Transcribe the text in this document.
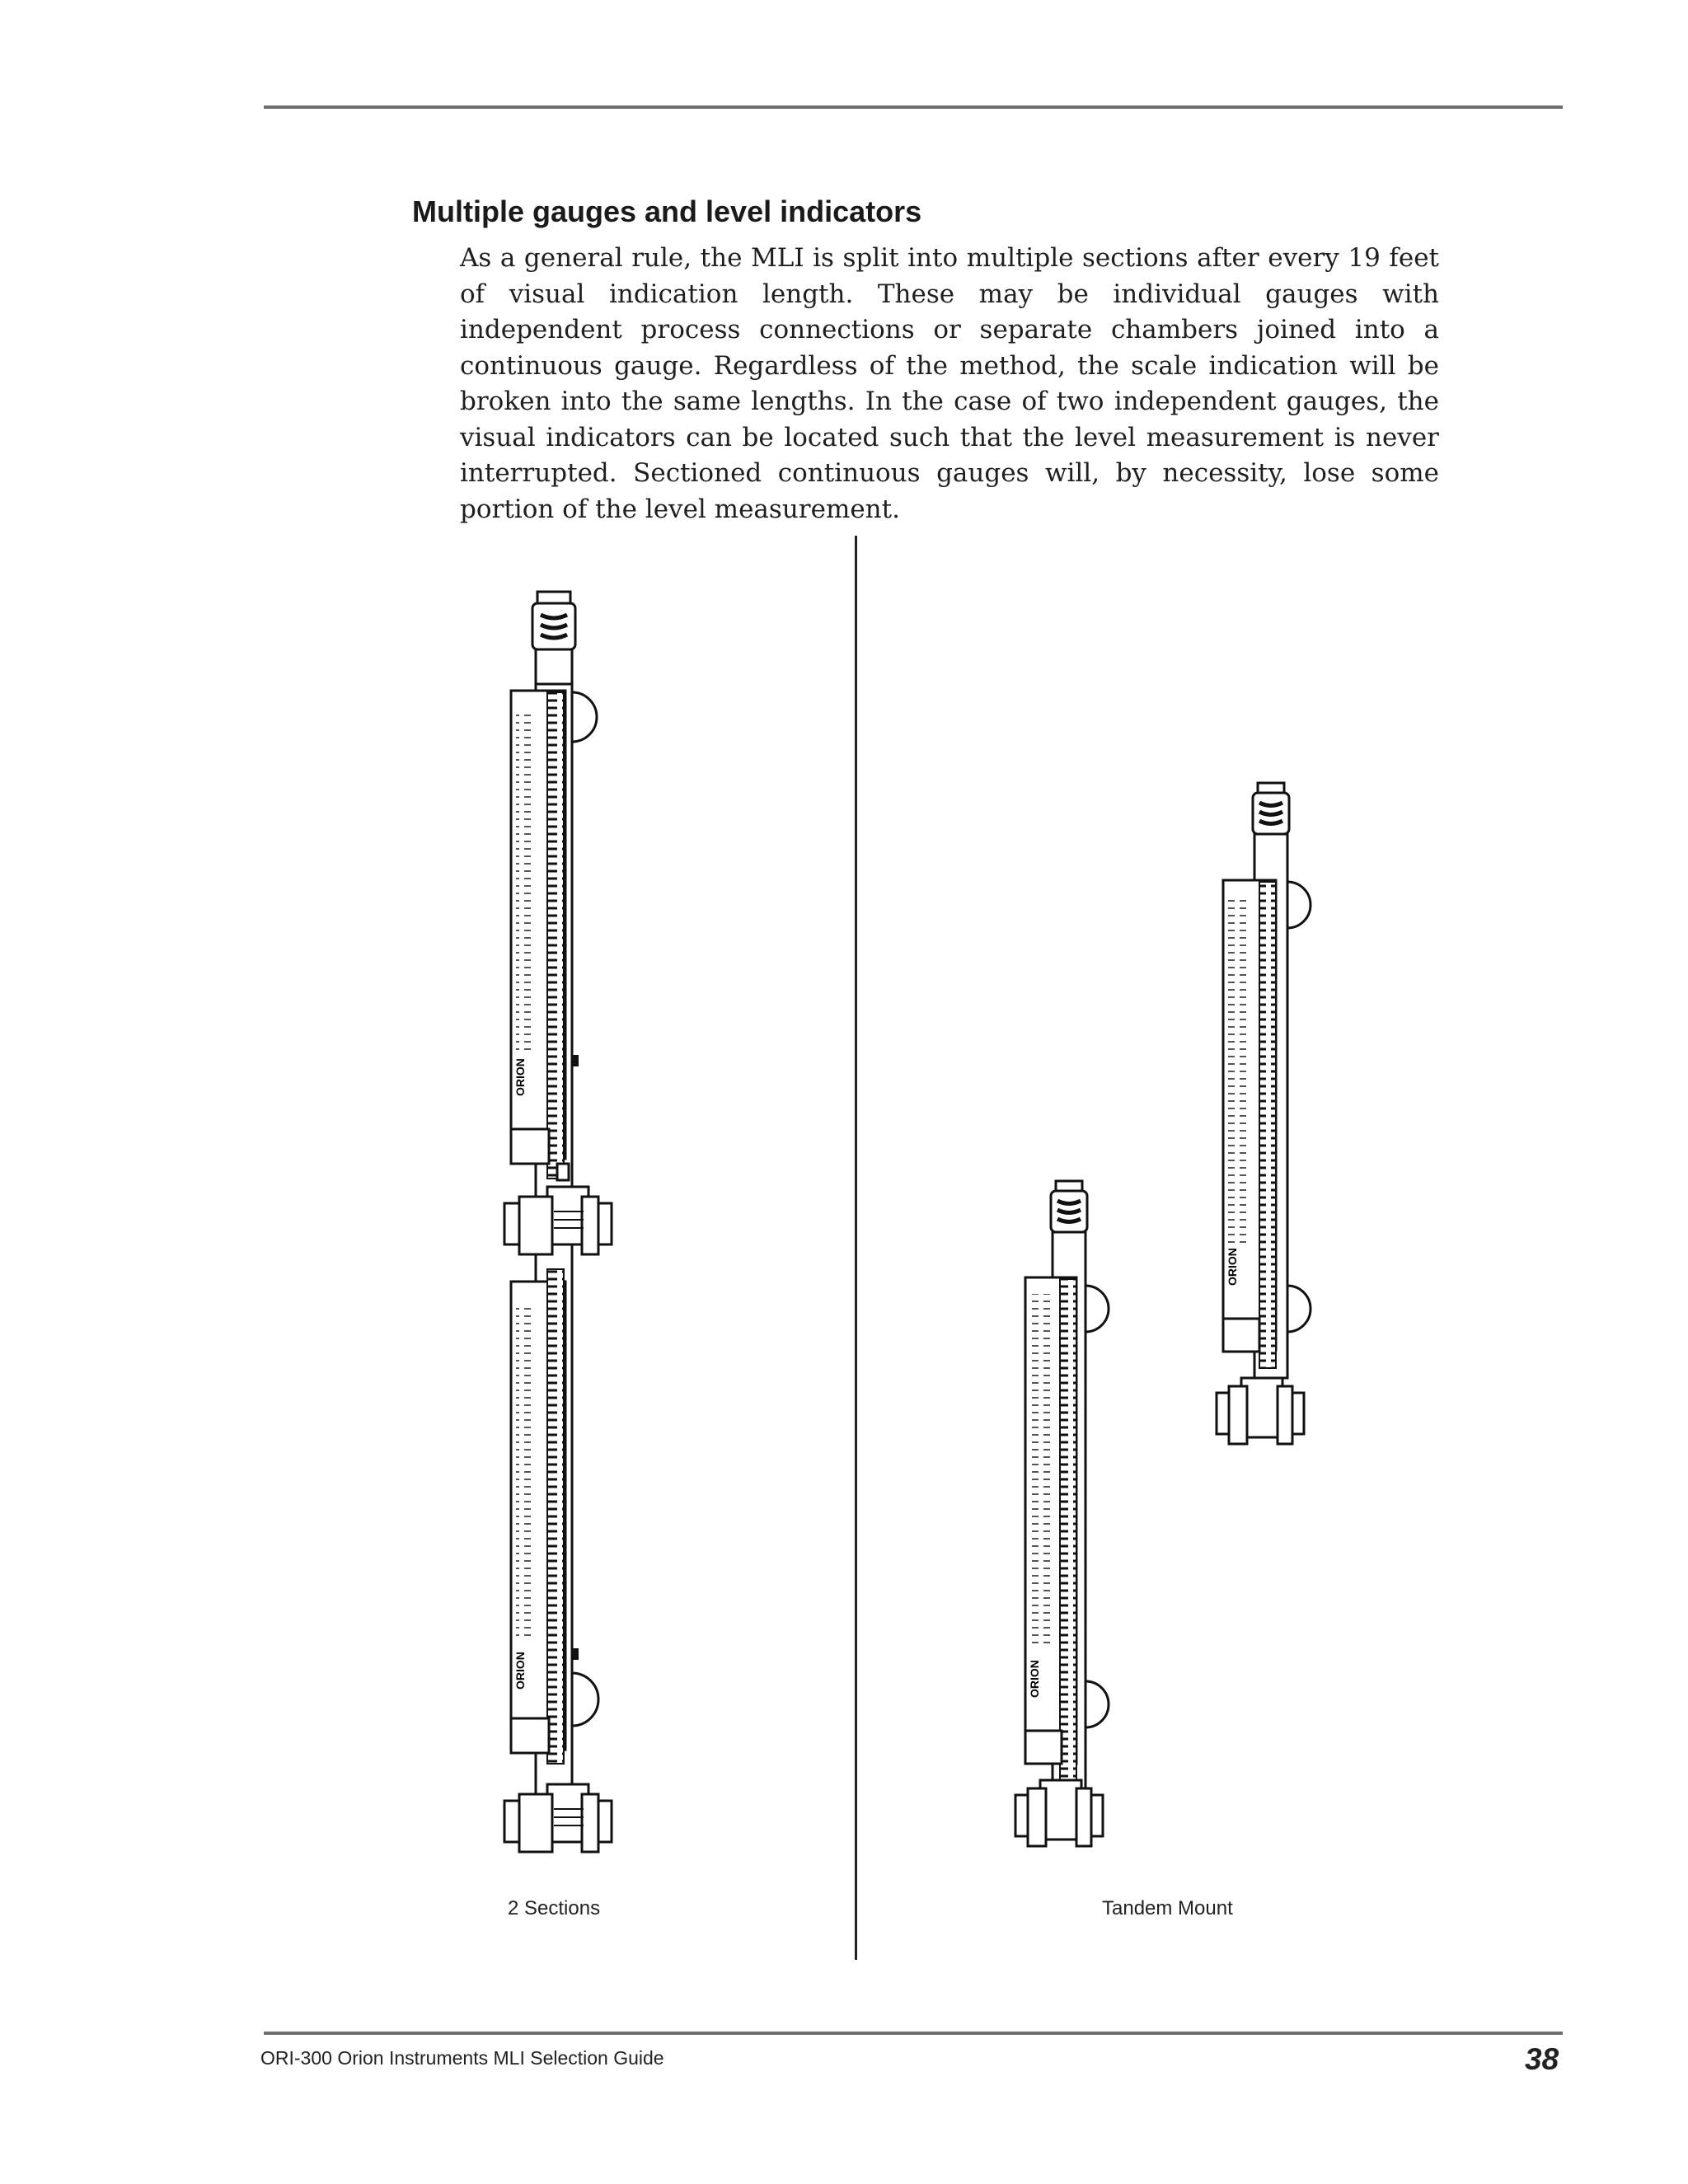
Multiple gauges and level indicators

As a general rule, the MLI is split into multiple sections after every 19 feet of visual indication length. These may be individual gauges with independent process connections or separate chambers joined into a continuous gauge. Regardless of the method, the scale indication will be broken into the same lengths. In the case of two independent gauges, the visual indicators can be located such that the level measurement is never interrupted. Sectioned continuous gauges will, by necessity, lose some portion of the level measurement.

ORION
ORION	ORION
ORION
2 Sections	Tandem Mount
ORI-300 Orion Instruments MLI Selection Guide	38
